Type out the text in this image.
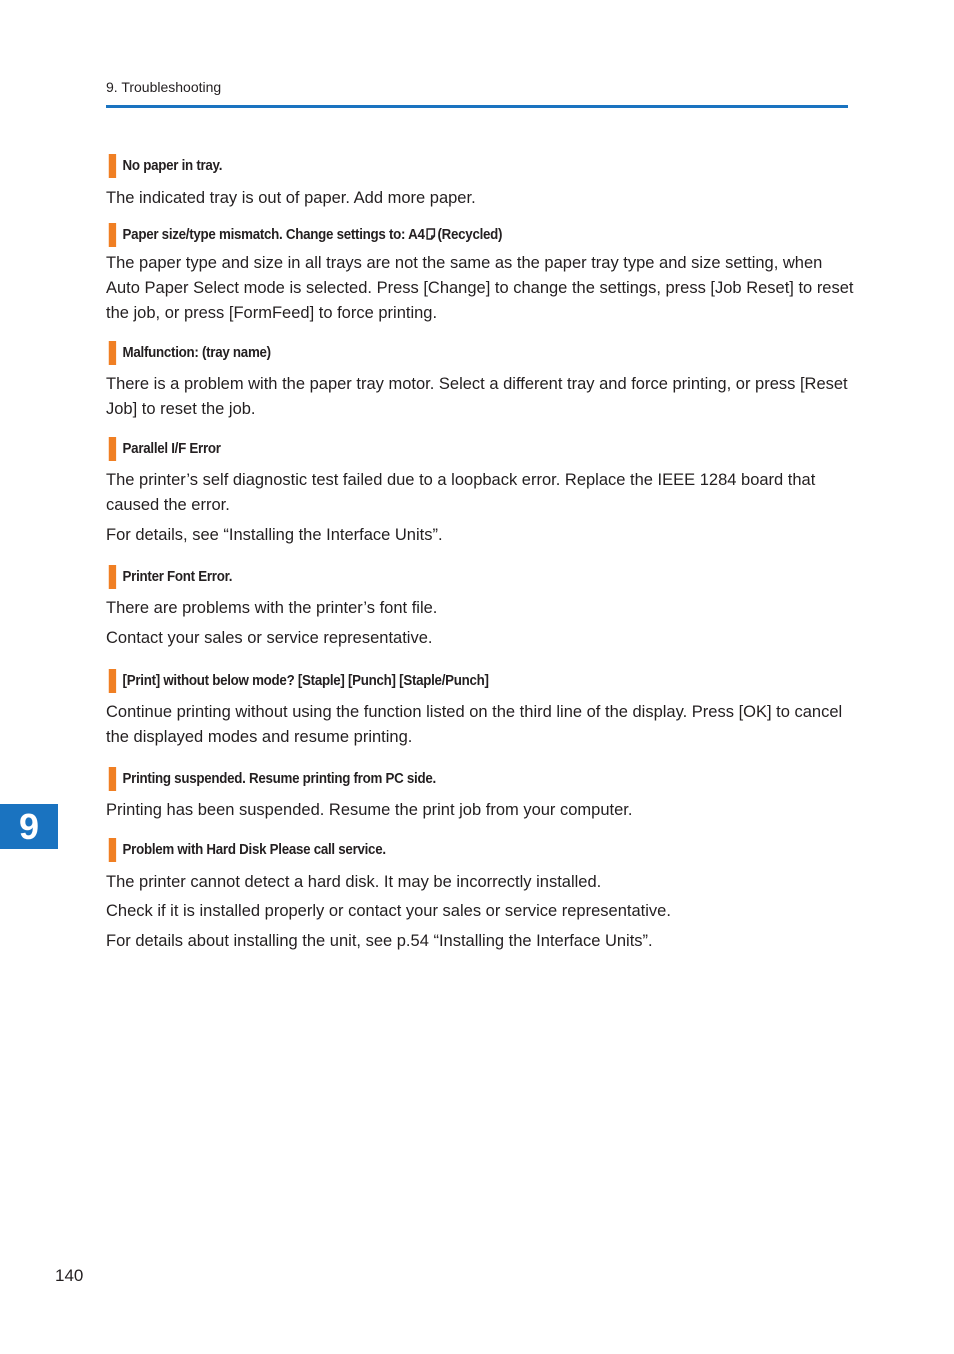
9. Troubleshooting
9
No paper in tray.

The indicated tray is out of paper. Add more paper.

Paper size/type mismatch. Change settings to: A4 (Recycled)

The paper type and size in all trays are not the same as the paper tray type and size setting, when Auto Paper Select mode is selected. Press [Change] to change the settings, press [Job Reset] to reset the job, or press [FormFeed] to force printing.

Malfunction: (tray name)

There is a problem with the paper tray motor. Select a different tray and force printing, or press [Reset Job] to reset the job.

Parallel I/F Error

The printer’s self diagnostic test failed due to a loopback error. Replace the IEEE 1284 board that caused the error.

For details, see “Installing the Interface Units”.

Printer Font Error.

There are problems with the printer’s font file.

Contact your sales or service representative.

[Print] without below mode? [Staple] [Punch] [Staple/Punch]

Continue printing without using the function listed on the third line of the display. Press [OK] to cancel the displayed modes and resume printing.

Printing suspended. Resume printing from PC side.

Printing has been suspended. Resume the print job from your computer.

Problem with Hard Disk Please call service.

The printer cannot detect a hard disk. It may be incorrectly installed.

Check if it is installed properly or contact your sales or service representative.

For details about installing the unit, see p.54 “Installing the Interface Units”.

140
